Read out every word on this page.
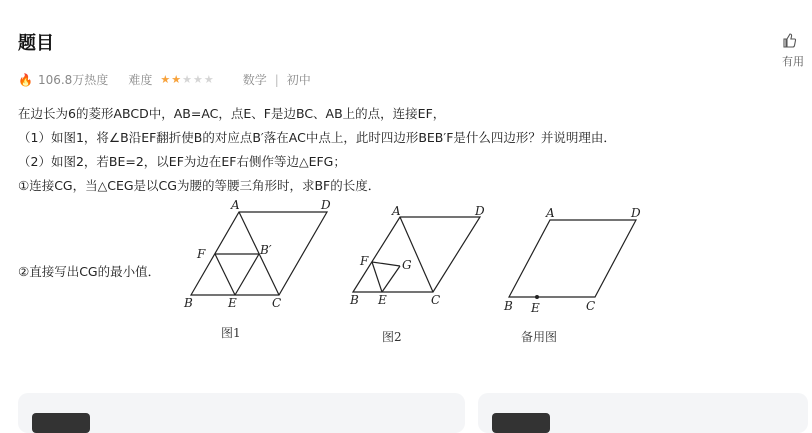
题目
🔥 106.8万热度 难度 ★★★★★ 数学 | 初中
有用
在边长为6的菱形ABCD中，AB=AC，点E、F是边BC、AB上的点，连接EF，
（1）如图1，将∠B沿EF翻折使B的对应点B′落在AC中点上，此时四边形BEB′F是什么四边形？并说明理由．
（2）如图2，若BE=2，以EF为边在EF右侧作等边△EFG；
①连接CG，当△CEG是以CG为腰的等腰三角形时，求BF的长度．
②直接写出CG的最小值．
A	D
F	B′
B	E	C
图1
A	D
F	G
B E	C
图2
A	D
B E	C
备用图
